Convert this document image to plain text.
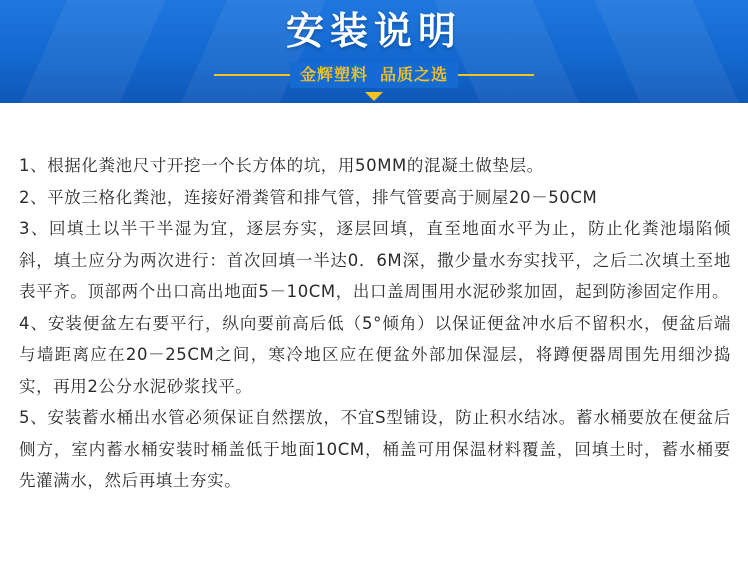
安装说明
金辉塑料 品质之选

1、根据化粪池尺寸开挖一个长方体的坑，用50MM的混凝土做垫层。

2、平放三格化粪池，连接好滑粪管和排气管，排气管要高于厕屋20－50CM

3、回填土以半干半湿为宜，逐层夯实，逐层回填，直至地面水平为止，防止化粪池塌陷倾斜，填土应分为两次进行：首次回填一半达0．6M深，撒少量水夯实找平，之后二次填土至地表平齐。顶部两个出口高出地面5－10CM，出口盖周围用水泥砂浆加固，起到防渗固定作用。

4、安装便盆左右要平行，纵向要前高后低（5°倾角）以保证便盆冲水后不留积水，便盆后端与墙距离应在20－25CM之间，寒冷地区应在便盆外部加保湿层，将蹲便器周围先用细沙捣实，再用2公分水泥砂浆找平。

5、安装蓄水桶出水管必须保证自然摆放，不宜S型铺设，防止积水结冰。蓄水桶要放在便盆后侧方，室内蓄水桶安装时桶盖低于地面10CM，桶盖可用保温材料覆盖，回填土时，蓄水桶要先灌满水，然后再填土夯实。
